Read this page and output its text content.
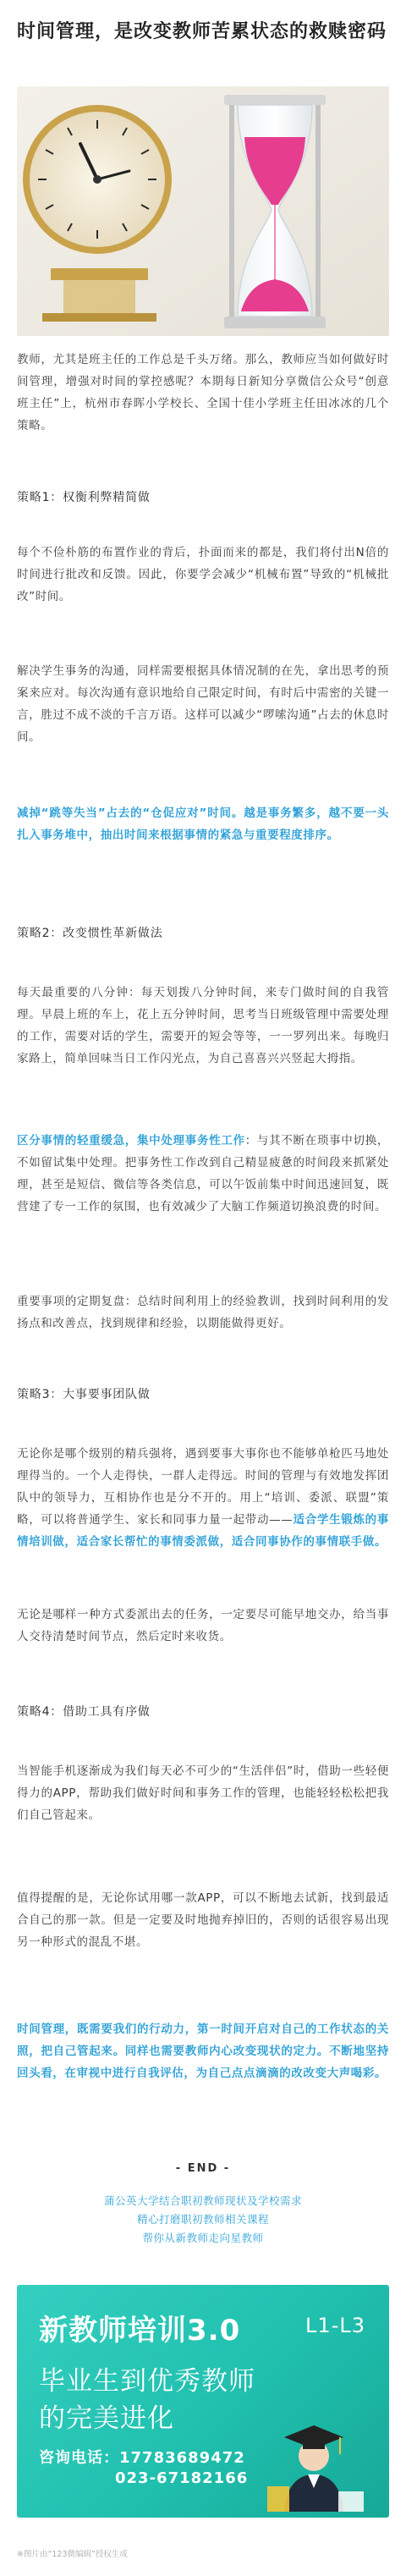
时间管理，是改变教师苦累状态的救赎密码
教师，尤其是班主任的工作总是千头万绪。那么，教师应当如何做好时间管理，增强对时间的掌控感呢？本期每日新知分享微信公众号“创意班主任”上，杭州市春晖小学校长、全国十佳小学班主任田冰冰的几个策略。
策略1：权衡利弊精简做
每个不俭朴筋的布置作业的背后，扑面而来的都是，我们将付出N倍的时间进行批改和反馈。因此，你要学会减少“机械布置”导致的“机械批改”时间。
解决学生事务的沟通，同样需要根据具体情况制的在先，拿出思考的预案来应对。每次沟通有意识地给自己限定时间，有时后中需密的关键一言，胜过不成不淡的千言万语。这样可以减少“啰嗦沟通”占去的休息时间。
减掉“跳等失当”占去的“仓促应对”时间。越是事务繁多，越不要一头扎入事务堆中，抽出时间来根据事情的紧急与重要程度排序。
策略2：改变惯性革新做法
每天最重要的八分钟：每天划拨八分钟时间，来专门做时间的自我管理。早晨上班的车上，花上五分钟时间，思考当日班级管理中需要处理的工作，需要对话的学生，需要开的短会等等，一一罗列出来。每晚归家路上，简单回味当日工作闪光点，为自己喜喜兴兴竖起大拇指。
区分事情的轻重缓急，集中处理事务性工作：与其不断在琐事中切换，不如留试集中处理。把事务性工作改到自己精显疲惫的时间段来抓紧处理，甚至是短信、微信等各类信息，可以午饭前集中时间迅速回复，既营建了专一工作的氛围，也有效减少了大脑工作频道切换浪费的时间。
重要事项的定期复盘：总结时间利用上的经验教训，找到时间利用的发扬点和改善点，找到规律和经验，以期能做得更好。
策略3：大事要事团队做
无论你是哪个级别的精兵强将，遇到要事大事你也不能够单枪匹马地处理得当的。一个人走得快，一群人走得远。时间的管理与有效地发挥团队中的领导力，互相协作也是分不开的。用上“培训、委派、联盟”策略，可以将普通学生、家长和同事力量一起带动——适合学生锻炼的事情培训做，适合家长帮忙的事情委派做，适合同事协作的事情联手做。
无论是哪样一种方式委派出去的任务，一定要尽可能早地交办，给当事人交待清楚时间节点，然后定时来收货。
策略4：借助工具有序做
当智能手机逐渐成为我们每天必不可少的“生活伴侣”时，借助一些轻便得力的APP，帮助我们做好时间和事务工作的管理，也能轻轻松松把我们自己管起来。
值得提醒的是，无论你试用哪一款APP，可以不断地去试新，找到最适合自己的那一款。但是一定要及时地抛弃掉旧的，否则的话很容易出现另一种形式的混乱不堪。
时间管理，既需要我们的行动力，第一时间开启对自己的工作状态的关照，把自己管起来。同样也需要教师内心改变现状的定力。不断地坚持回头看，在审视中进行自我评估，为自己点点滴滴的改改变大声喝彩。
- END -
蒲公英大学结合职初教师现状及学校需求
精心打磨职初教师相关课程
帮你从新教师走向星教师
新教师培训3.0	L1-L3
毕业生到优秀教师
的完美进化
咨询电话：17783689472
023-67182166
※图片由“123微编辑”授权生成
